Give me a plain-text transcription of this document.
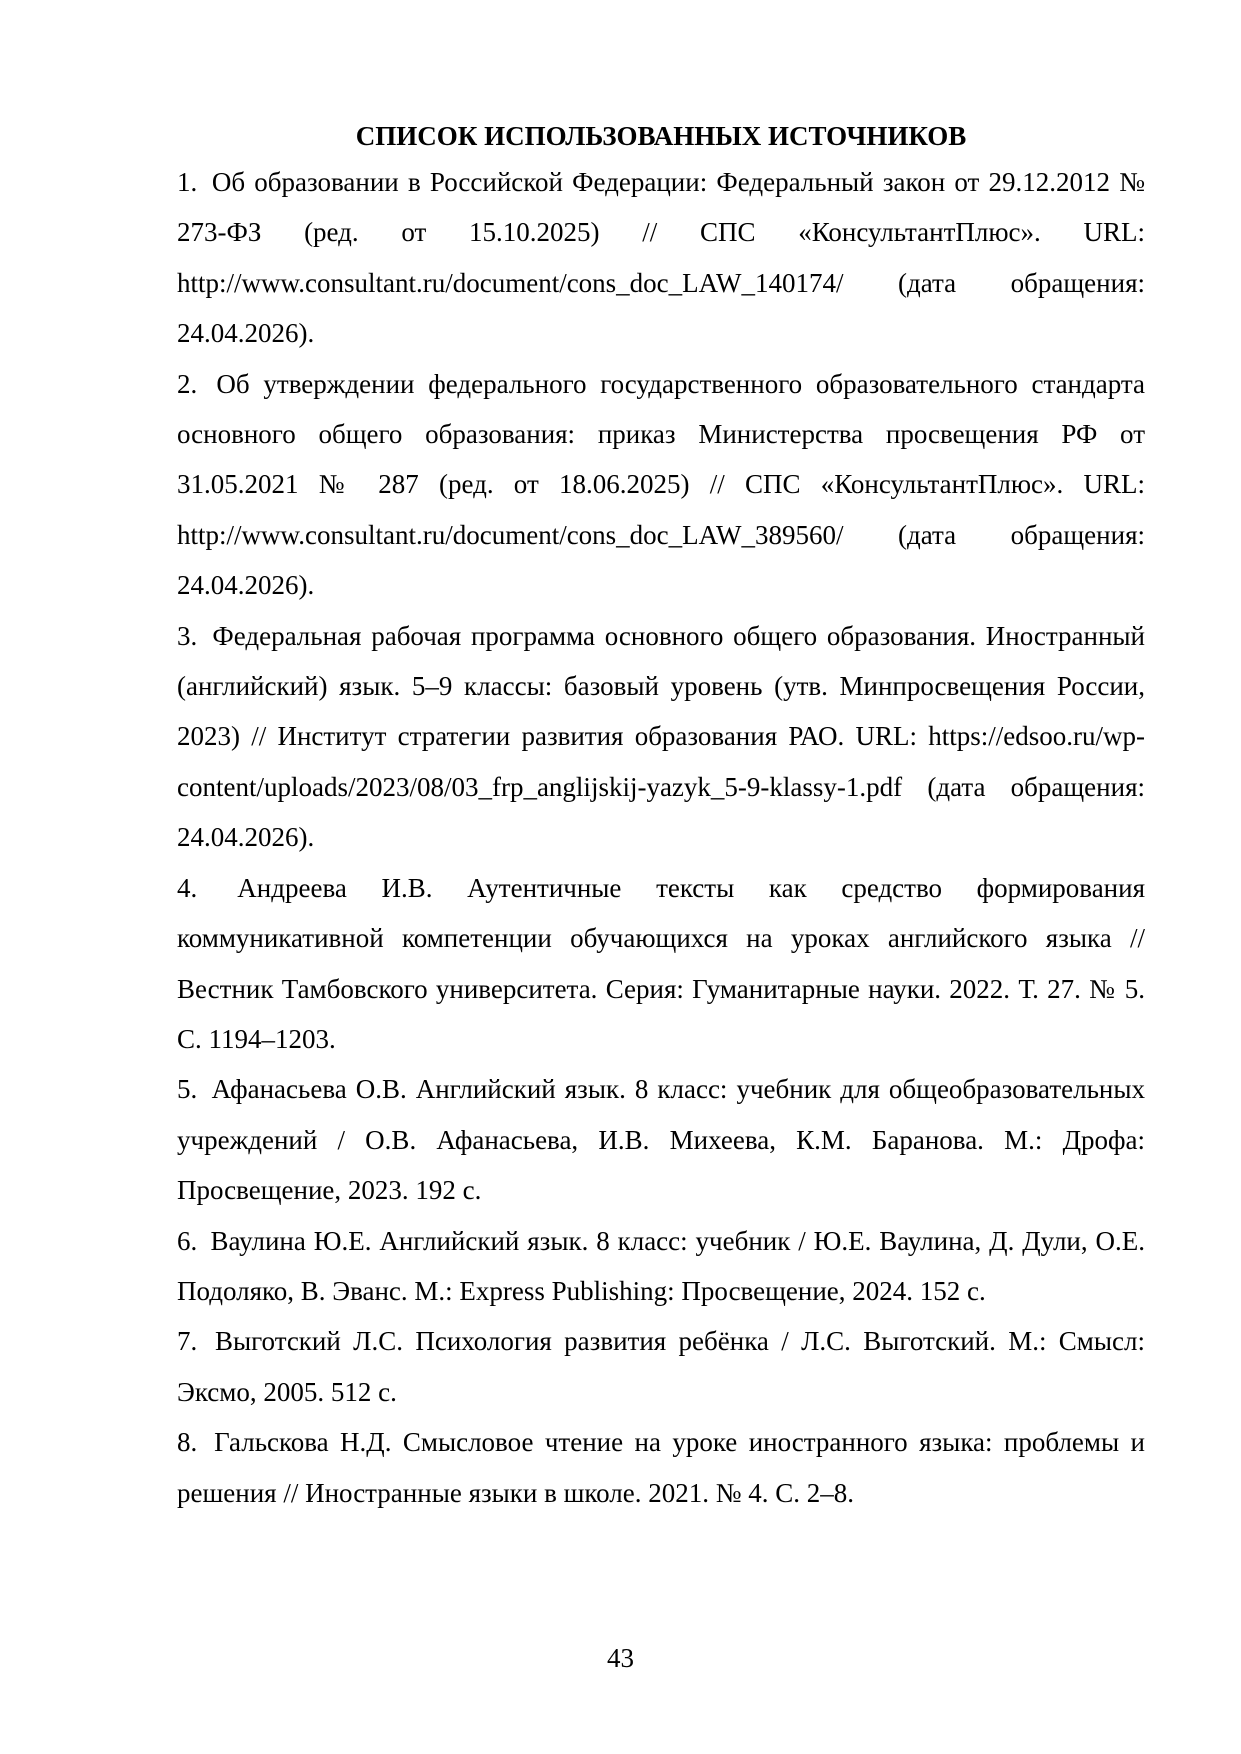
СПИСОК ИСПОЛЬЗОВАННЫХ ИСТОЧНИКОВ
1. Об образовании в Российской Федерации: Федеральный закон от 29.12.2012 № 273-ФЗ (ред. от 15.10.2025) // СПС «КонсультантПлюс». URL: http://www.consultant.ru/document/cons_doc_LAW_140174/ (дата обращения: 24.04.2026).
2. Об утверждении федерального государственного образовательного стандарта основного общего образования: приказ Министерства просвещения РФ от 31.05.2021 № 287 (ред. от 18.06.2025) // СПС «КонсультантПлюс». URL: http://www.consultant.ru/document/cons_doc_LAW_389560/ (дата обращения: 24.04.2026).
3. Федеральная рабочая программа основного общего образования. Иностранный (английский) язык. 5–9 классы: базовый уровень (утв. Минпросвещения России, 2023) // Институт стратегии развития образования РАО. URL: https://edsoo.ru/wp-content/uploads/2023/08/03_frp_anglijskij-yazyk_5-9-klassy-1.pdf (дата обращения: 24.04.2026).
4. Андреева И.В. Аутентичные тексты как средство формирования коммуникативной компетенции обучающихся на уроках английского языка // Вестник Тамбовского университета. Серия: Гуманитарные науки. 2022. Т. 27. № 5. С. 1194–1203.
5. Афанасьева О.В. Английский язык. 8 класс: учебник для общеобразовательных учреждений / О.В. Афанасьева, И.В. Михеева, К.М. Баранова. М.: Дрофа: Просвещение, 2023. 192 с.
6. Ваулина Ю.Е. Английский язык. 8 класс: учебник / Ю.Е. Ваулина, Д. Дули, О.Е. Подоляко, В. Эванс. М.: Express Publishing: Просвещение, 2024. 152 с.
7. Выготский Л.С. Психология развития ребёнка / Л.С. Выготский. М.: Смысл: Эксмо, 2005. 512 с.
8. Гальскова Н.Д. Смысловое чтение на уроке иностранного языка: проблемы и решения // Иностранные языки в школе. 2021. № 4. С. 2–8.
43
